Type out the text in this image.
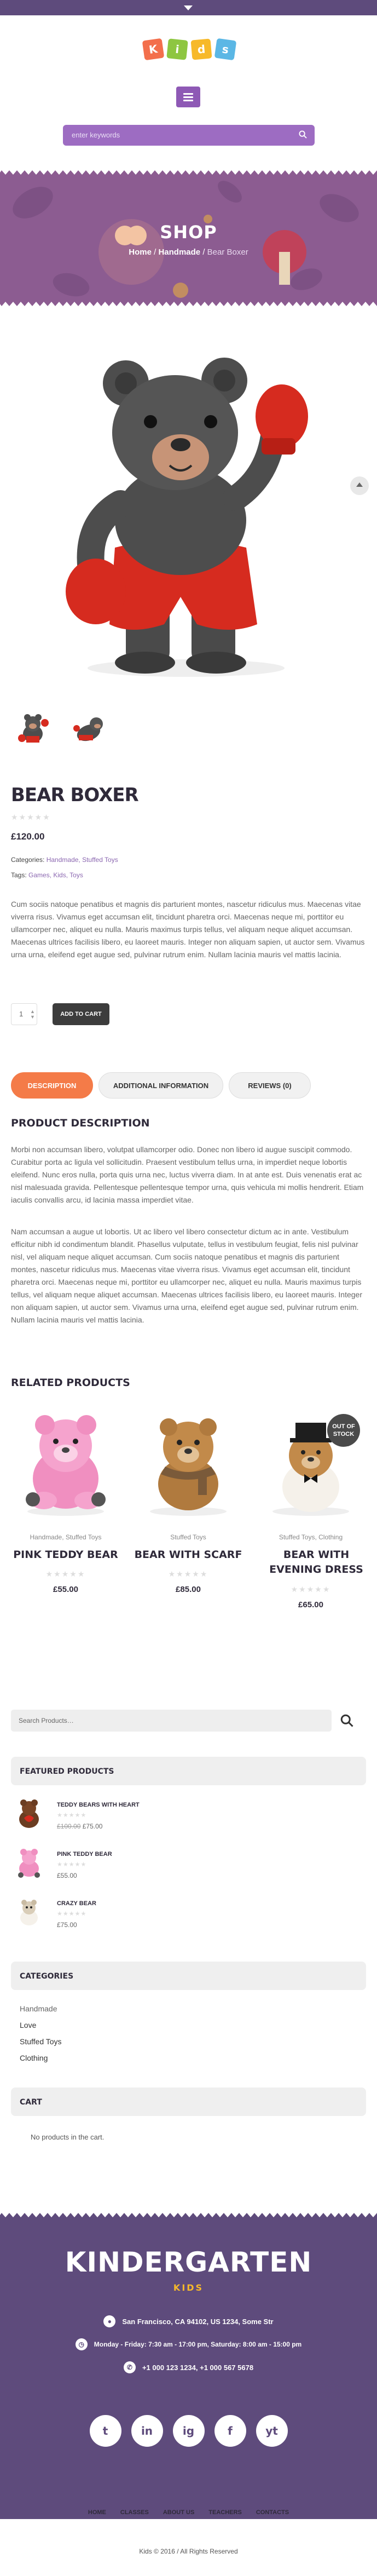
K	i	d	s
enter keywords
SHOP
Home / Handmade / Bear Boxer
BEAR BOXER
★★★★★
£120.00
Categories: Handmade, Stuffed Toys
Tags: Games, Kids, Toys
Cum sociis natoque penatibus et magnis dis parturient montes, nascetur ridiculus mus. Maecenas vitae viverra risus. Vivamus eget accumsan elit, tincidunt pharetra orci. Maecenas neque mi, porttitor eu ullamcorper nec, aliquet eu nulla. Mauris maximus turpis tellus, vel aliquam neque aliquet accumsan. Maecenas ultrices facilisis libero, eu laoreet mauris. Integer non aliquam sapien, ut auctor sem. Vivamus urna urna, eleifend eget augue sed, pulvinar rutrum enim. Nullam lacinia mauris vel mattis lacinia.
1 ▲
▼	ADD TO CART
DESCRIPTION	ADDITIONAL INFORMATION	REVIEWS (0)
PRODUCT DESCRIPTION
Morbi non accumsan libero, volutpat ullamcorper odio. Donec non libero id augue suscipit commodo. Curabitur porta ac ligula vel sollicitudin. Praesent vestibulum tellus urna, in imperdiet neque lobortis eleifend. Nunc eros nulla, porta quis urna nec, luctus viverra diam. In at ante est. Duis venenatis erat ac nisl malesuada gravida. Pellentesque pellentesque tempor urna, quis vehicula mi mollis hendrerit. Etiam iaculis convallis arcu, id lacinia massa imperdiet vitae.
Nam accumsan a augue ut lobortis. Ut ac libero vel libero consectetur dictum ac in ante. Vestibulum efficitur nibh id condimentum blandit. Phasellus vulputate, tellus in vestibulum feugiat, felis nisl pulvinar nisl, vel aliquam neque aliquet accumsan. Cum sociis natoque penatibus et magnis dis parturient montes, nascetur ridiculus mus. Maecenas vitae viverra risus. Vivamus eget accumsan elit, tincidunt pharetra orci. Maecenas neque mi, porttitor eu ullamcorper nec, aliquet eu nulla. Mauris maximus turpis tellus, vel aliquam neque aliquet accumsan. Maecenas ultrices facilisis libero, eu laoreet mauris. Integer non aliquam sapien, ut auctor sem. Vivamus urna urna, eleifend eget augue sed, pulvinar rutrum enim. Nullam lacinia mauris vel mattis lacinia.
RELATED PRODUCTS
OUT OF STOCK
Handmade, Stuffed Toys	Stuffed Toys	Stuffed Toys, Clothing
PINK TEDDY BEAR	BEAR WITH SCARF	BEAR WITH EVENING DRESS
★★★★★	★★★★★
★★★★★
£55.00	£85.00
£65.00
Search Products…
FEATURED PRODUCTS
TEDDY BEARS WITH HEART
★★★★★
£100.00 £75.00
PINK TEDDY BEAR
★★★★★
£55.00
CRAZY BEAR
★★★★★
£75.00
CATEGORIES
Handmade
Love
Stuffed Toys
Clothing
CART
No products in the cart.
KINDERGARTEN
KIDS
●	San Francisco, CA 94102, US 1234, Some Str
◷	Monday - Friday: 7:30 am - 17:00 pm, Saturday: 8:00 am - 15:00 pm
✆	+1 000 123 1234, +1 000 567 5678
t	in	ig	f	yt
HOME CLASSES ABOUT US TEACHERS CONTACTS
Kids © 2016 / All Rights Reserved
